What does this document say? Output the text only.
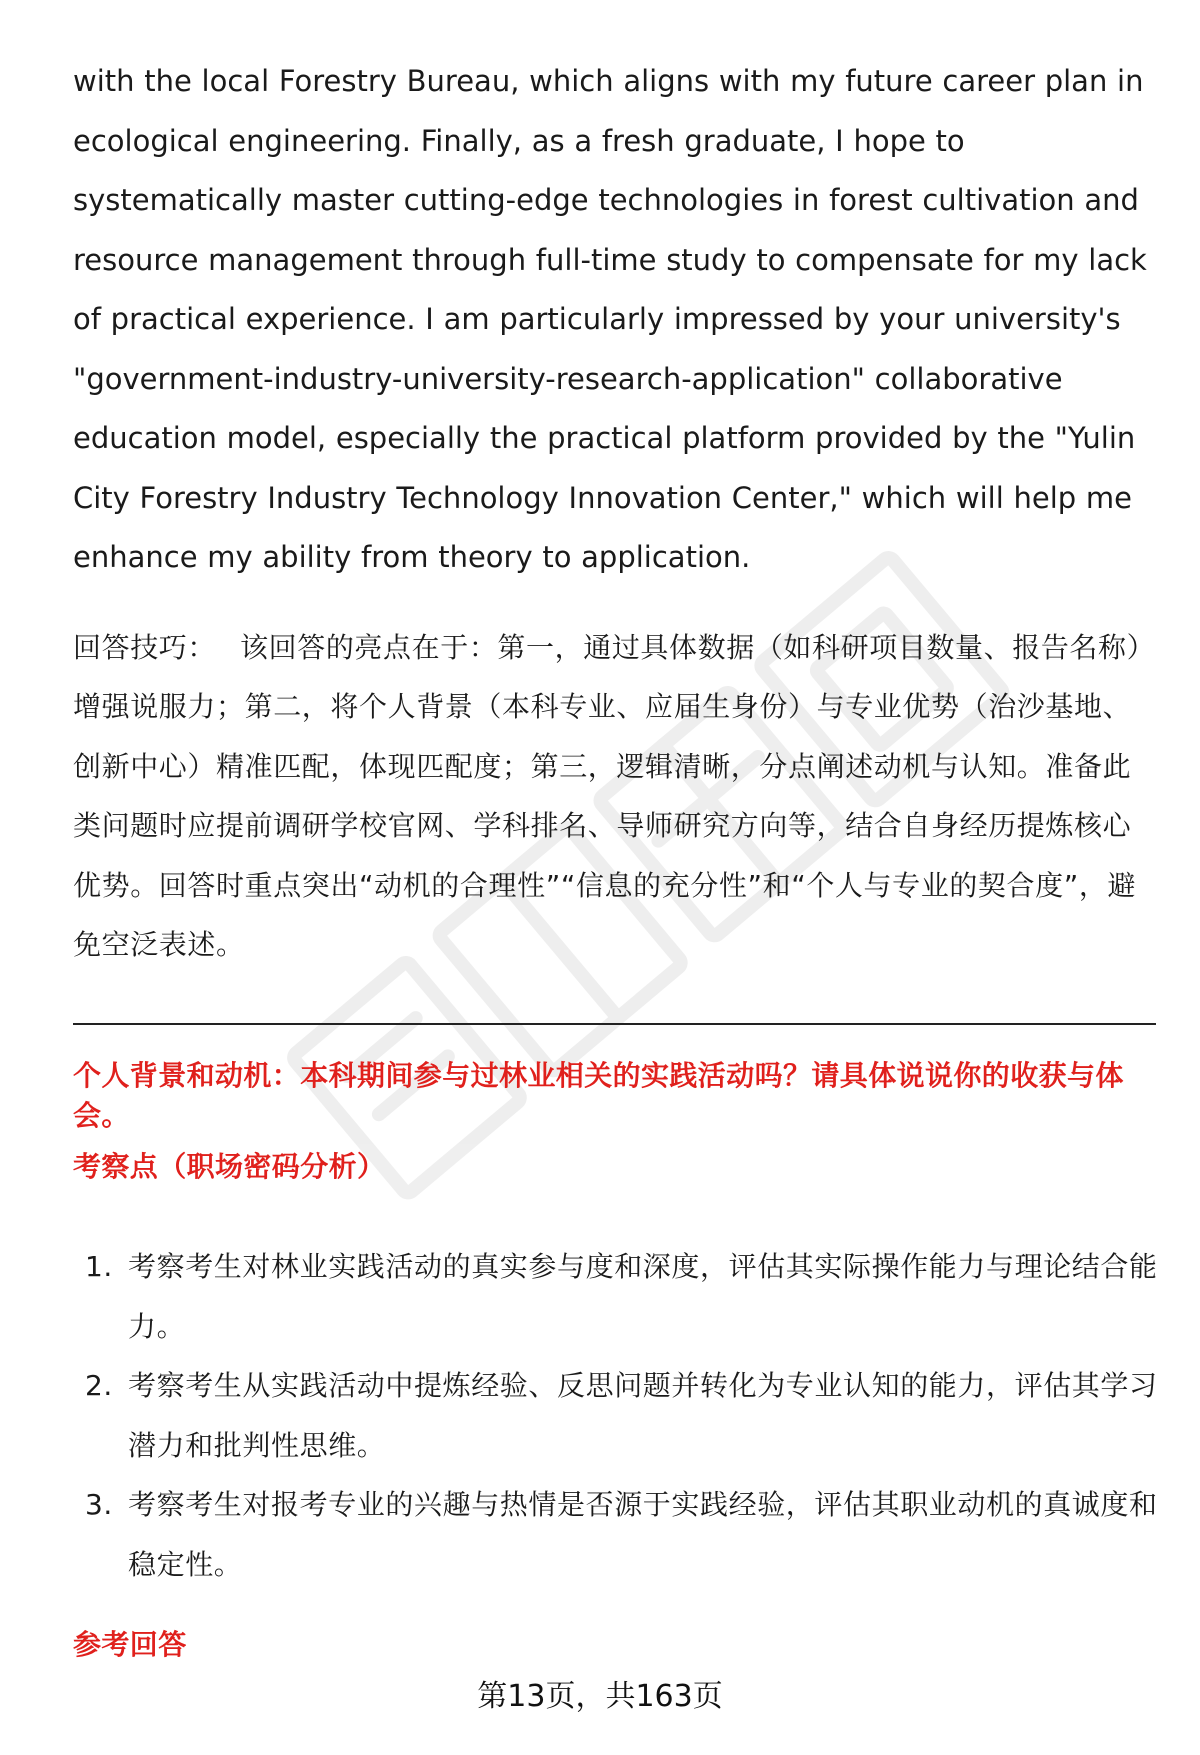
with the local Forestry Bureau, which aligns with my future career plan in ecological engineering. Finally, as a fresh graduate, I hope to systematically master cutting-edge technologies in forest cultivation and resource management through full-time study to compensate for my lack of practical experience. I am particularly impressed by your university's "government-industry-university-research-application" collaborative education model, especially the practical platform provided by the "Yulin City Forestry Industry Technology Innovation Center," which will help me enhance my ability from theory to application.

回答技巧： 该回答的亮点在于：第一，通过具体数据（如科研项目数量、报告名称）增强说服力；第二，将个人背景（本科专业、应届生身份）与专业优势（治沙基地、创新中心）精准匹配，体现匹配度；第三，逻辑清晰，分点阐述动机与认知。准备此类问题时应提前调研学校官网、学科排名、导师研究方向等，结合自身经历提炼核心优势。回答时重点突出“动机的合理性”“信息的充分性”和“个人与专业的契合度”，避免空泛表述。

个人背景和动机：本科期间参与过林业相关的实践活动吗？请具体说说你的收获与体会。

考察点（职场密码分析）

1. 考察考生对林业实践活动的真实参与度和深度，评估其实际操作能力与理论结合能力。
2. 考察考生从实践活动中提炼经验、反思问题并转化为专业认知的能力，评估其学习潜力和批判性思维。
3. 考察考生对报考专业的兴趣与热情是否源于实践经验，评估其职业动机的真诚度和稳定性。

参考回答

第13页，共163页
